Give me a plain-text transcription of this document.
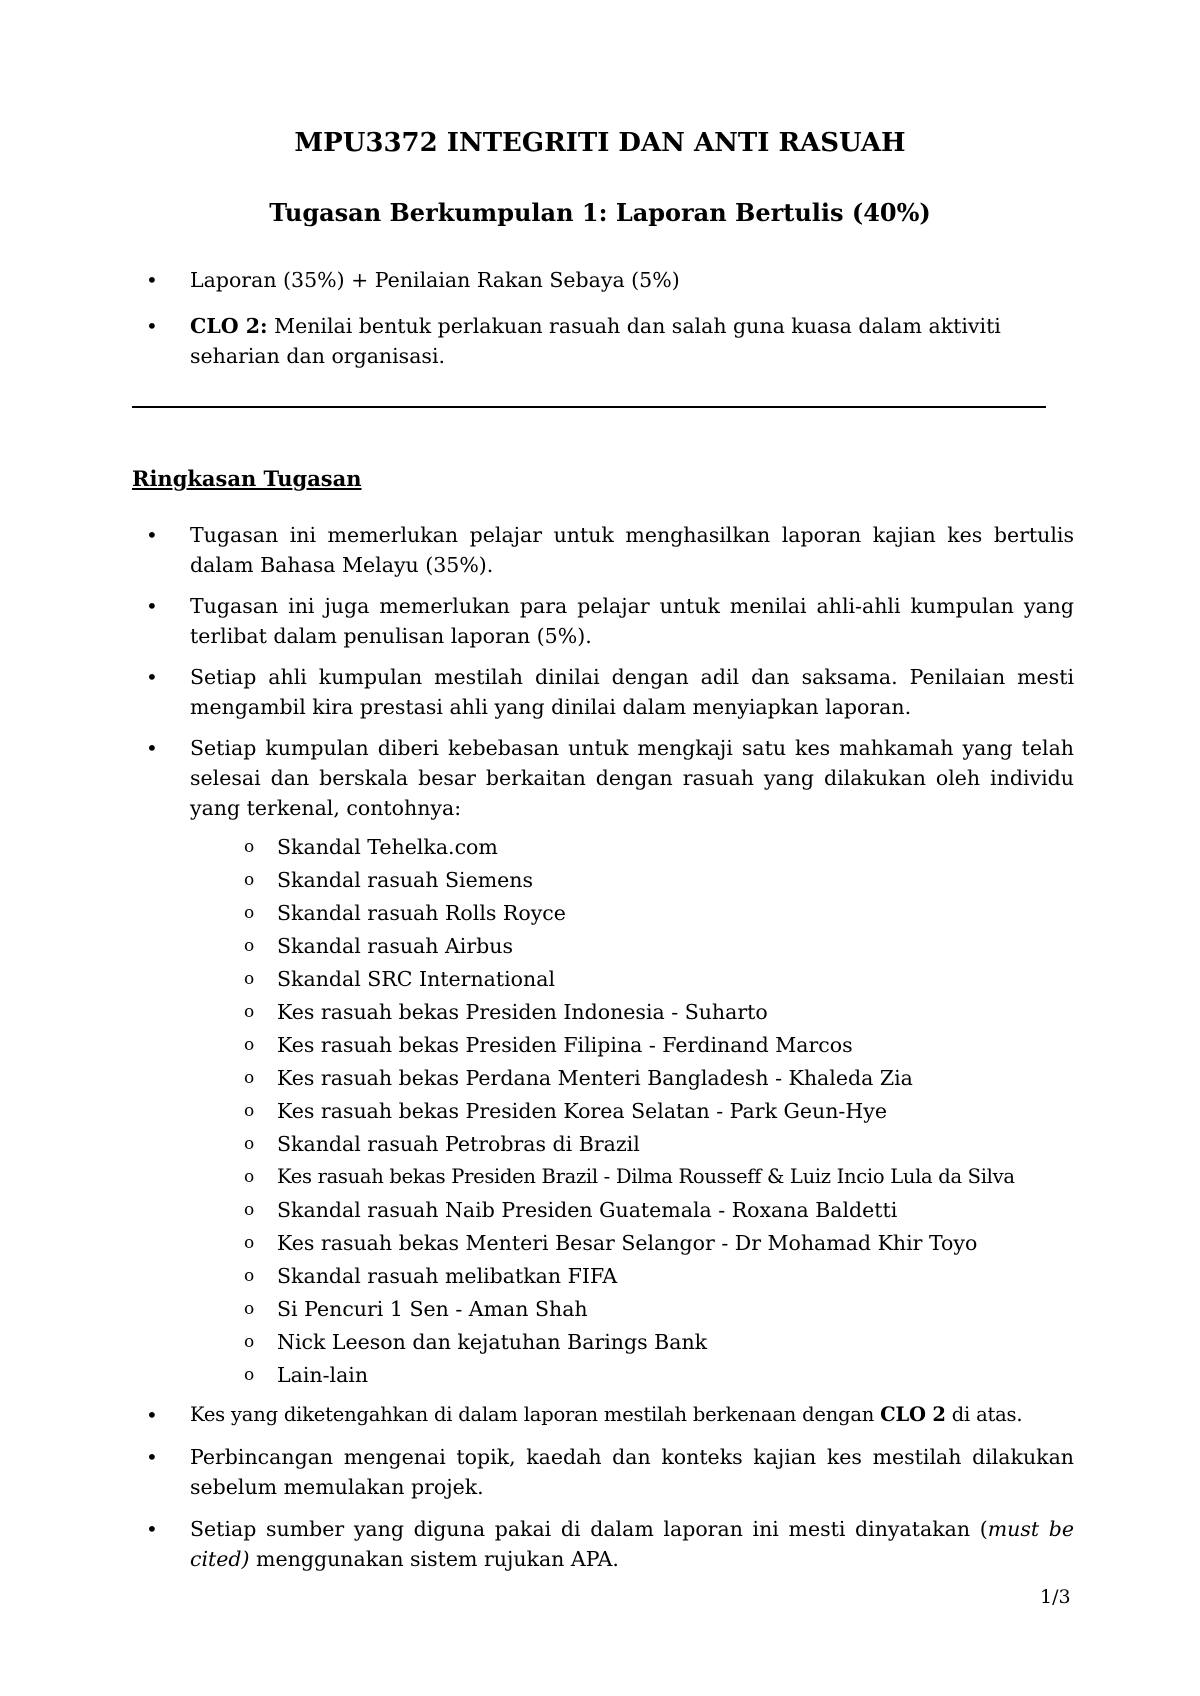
MPU3372 INTEGRITI DAN ANTI RASUAH
Tugasan Berkumpulan 1: Laporan Bertulis (40%)
• Laporan (35%) + Penilaian Rakan Sebaya (5%)
• CLO 2: Menilai bentuk perlakuan rasuah dan salah guna kuasa dalam aktiviti seharian dan organisasi.
Ringkasan Tugasan
• Tugasan ini memerlukan pelajar untuk menghasilkan laporan kajian kes bertulis dalam Bahasa Melayu (35%).
• Tugasan ini juga memerlukan para pelajar untuk menilai ahli-ahli kumpulan yang terlibat dalam penulisan laporan (5%).
• Setiap ahli kumpulan mestilah dinilai dengan adil dan saksama. Penilaian mesti mengambil kira prestasi ahli yang dinilai dalam menyiapkan laporan.
• Setiap kumpulan diberi kebebasan untuk mengkaji satu kes mahkamah yang telah selesai dan berskala besar berkaitan dengan rasuah yang dilakukan oleh individu yang terkenal, contohnya:
o Skandal Tehelka.com
o Skandal rasuah Siemens
o Skandal rasuah Rolls Royce
o Skandal rasuah Airbus
o Skandal SRC International
o Kes rasuah bekas Presiden Indonesia - Suharto
o Kes rasuah bekas Presiden Filipina - Ferdinand Marcos
o Kes rasuah bekas Perdana Menteri Bangladesh - Khaleda Zia
o Kes rasuah bekas Presiden Korea Selatan - Park Geun-Hye
o Skandal rasuah Petrobras di Brazil
o Kes rasuah bekas Presiden Brazil - Dilma Rousseff & Luiz Incio Lula da Silva
o Skandal rasuah Naib Presiden Guatemala - Roxana Baldetti
o Kes rasuah bekas Menteri Besar Selangor - Dr Mohamad Khir Toyo
o Skandal rasuah melibatkan FIFA
o Si Pencuri 1 Sen - Aman Shah
o Nick Leeson dan kejatuhan Barings Bank
o Lain-lain
• Kes yang diketengahkan di dalam laporan mestilah berkenaan dengan CLO 2 di atas.
• Perbincangan mengenai topik, kaedah dan konteks kajian kes mestilah dilakukan sebelum memulakan projek.
• Setiap sumber yang diguna pakai di dalam laporan ini mesti dinyatakan (must be cited) menggunakan sistem rujukan APA.
1/3
